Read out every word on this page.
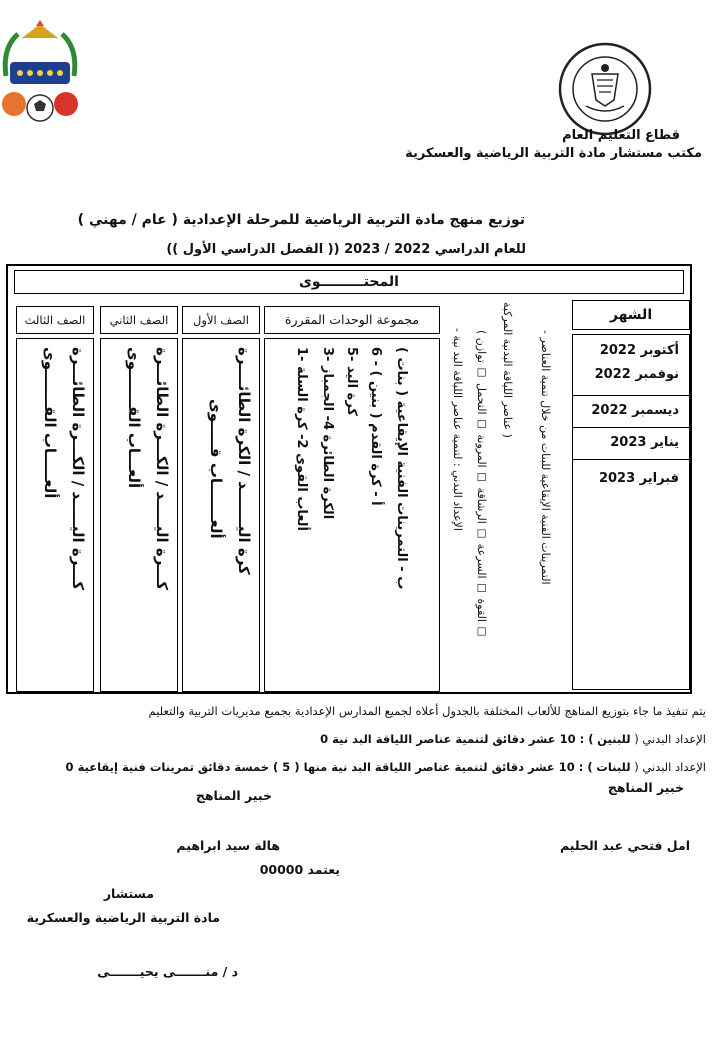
قطاع التعليم العام
مكتب مستشار مادة التربية الرياضية والعسكرية
توزيع منهج مادة التربية الرياضية للمرحلة الإعدادية ( عام / مهني )
للعام الدراسي 2022 / 2023 (( الفصل الدراسي الأول ))
المحتـــــــــوى
الشهر
مجموعة الوحدات المقررة
الصف الأول
الصف الثاني
الصف الثالث
أكتوبر 2022
نوفمبر 2022
ديسمبر 2022
يناير 2023
فبراير 2023
- الإعداد البدني : لتنمية عناصر اللياقة البد نية
( القوة ☐ السرعة ☐ الرشاقة ☐ المرونة ☐ التحمل ☐ توازن ☐
عناصر اللياقة البدنية المركبة )
- التمرينات الفنية الإيقاعية للبنات من خلال تنمية العناصر
1- ألعاب القوى 2- كرة السلة
3- الكرة الطائرة 4- الجمباز
5- كرة اليد
6 - أ - كرة القدم ( بنين ) ب - التمرينات الفنية الإيقاعية ( بنات )
ألعـــــــاب قـــــوى كرة اليـــــــد / الكرة الطائــــرة
ألعـــاب القـــــــوى كـــرة اليـــــد / الكـــرة الطائـــرة
ألعـــــاب القـــــــوى كـــرة اليـــــد / الكـــرة الطائـــرة
يتم تنفيذ ما جاء بتوزيع المناهج للألعاب المختلفة بالجدول أعلاه لجميع المدارس الإعدادية بجميع مديريات التربية والتعليم
الإعداد البدني ( للبنين ) : 10 عشر دقائق لتنمية عناصر اللياقة البد نية 0
الإعداد البدني ( للبنات ) : 10 عشر دقائق لتنمية عناصر اللياقة البد نية منها ( 5 ) خمسة دقائق تمرينات فنية إيقاعية 0
خبير المناهج
خبير المناهج
امل فتحي عبد الحليم
هالة سيد ابراهيم
يعتمد 00000
مستشار
مادة التربية الرياضية والعسكرية
د / منـــــــى يحيـــــــى
